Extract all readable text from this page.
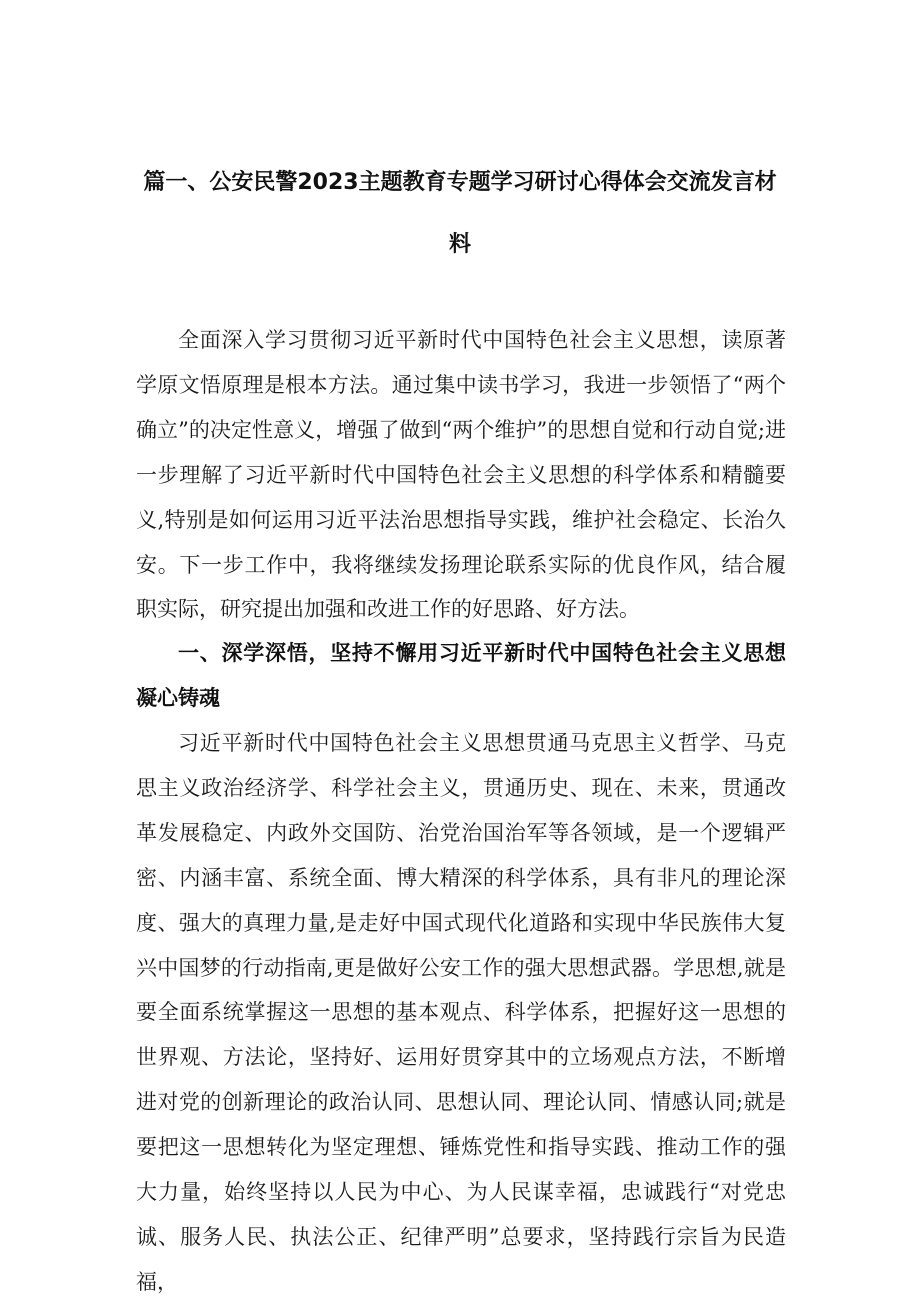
篇一、公安民警2023主题教育专题学习研讨心得体会交流发言材
料

全面深入学习贯彻习近平新时代中国特色社会主义思想，读原著学原文悟原理是根本方法。通过集中读书学习，我进一步领悟了“两个确立”的决定性意义，增强了做到“两个维护”的思想自觉和行动自觉;进一步理解了习近平新时代中国特色社会主义思想的科学体系和精髓要义,特别是如何运用习近平法治思想指导实践，维护社会稳定、长治久安。下一步工作中，我将继续发扬理论联系实际的优良作风，结合履职实际，研究提出加强和改进工作的好思路、好方法。

一、深学深悟，坚持不懈用习近平新时代中国特色社会主义思想凝心铸魂

习近平新时代中国特色社会主义思想贯通马克思主义哲学、马克思主义政治经济学、科学社会主义，贯通历史、现在、未来，贯通改革发展稳定、内政外交国防、治党治国治军等各领域，是一个逻辑严密、内涵丰富、系统全面、博大精深的科学体系，具有非凡的理论深度、强大的真理力量,是走好中国式现代化道路和实现中华民族伟大复兴中国梦的行动指南,更是做好公安工作的强大思想武器。学思想,就是要全面系统掌握这一思想的基本观点、科学体系，把握好这一思想的世界观、方法论，坚持好、运用好贯穿其中的立场观点方法，不断增进对党的创新理论的政治认同、思想认同、理论认同、情感认同;就是要把这一思想转化为坚定理想、锤炼党性和指导实践、推动工作的强大力量，始终坚持以人民为中心、为人民谋幸福，忠诚践行“对党忠诚、服务人民、执法公正、纪律严明”总要求，坚持践行宗旨为民造福，
